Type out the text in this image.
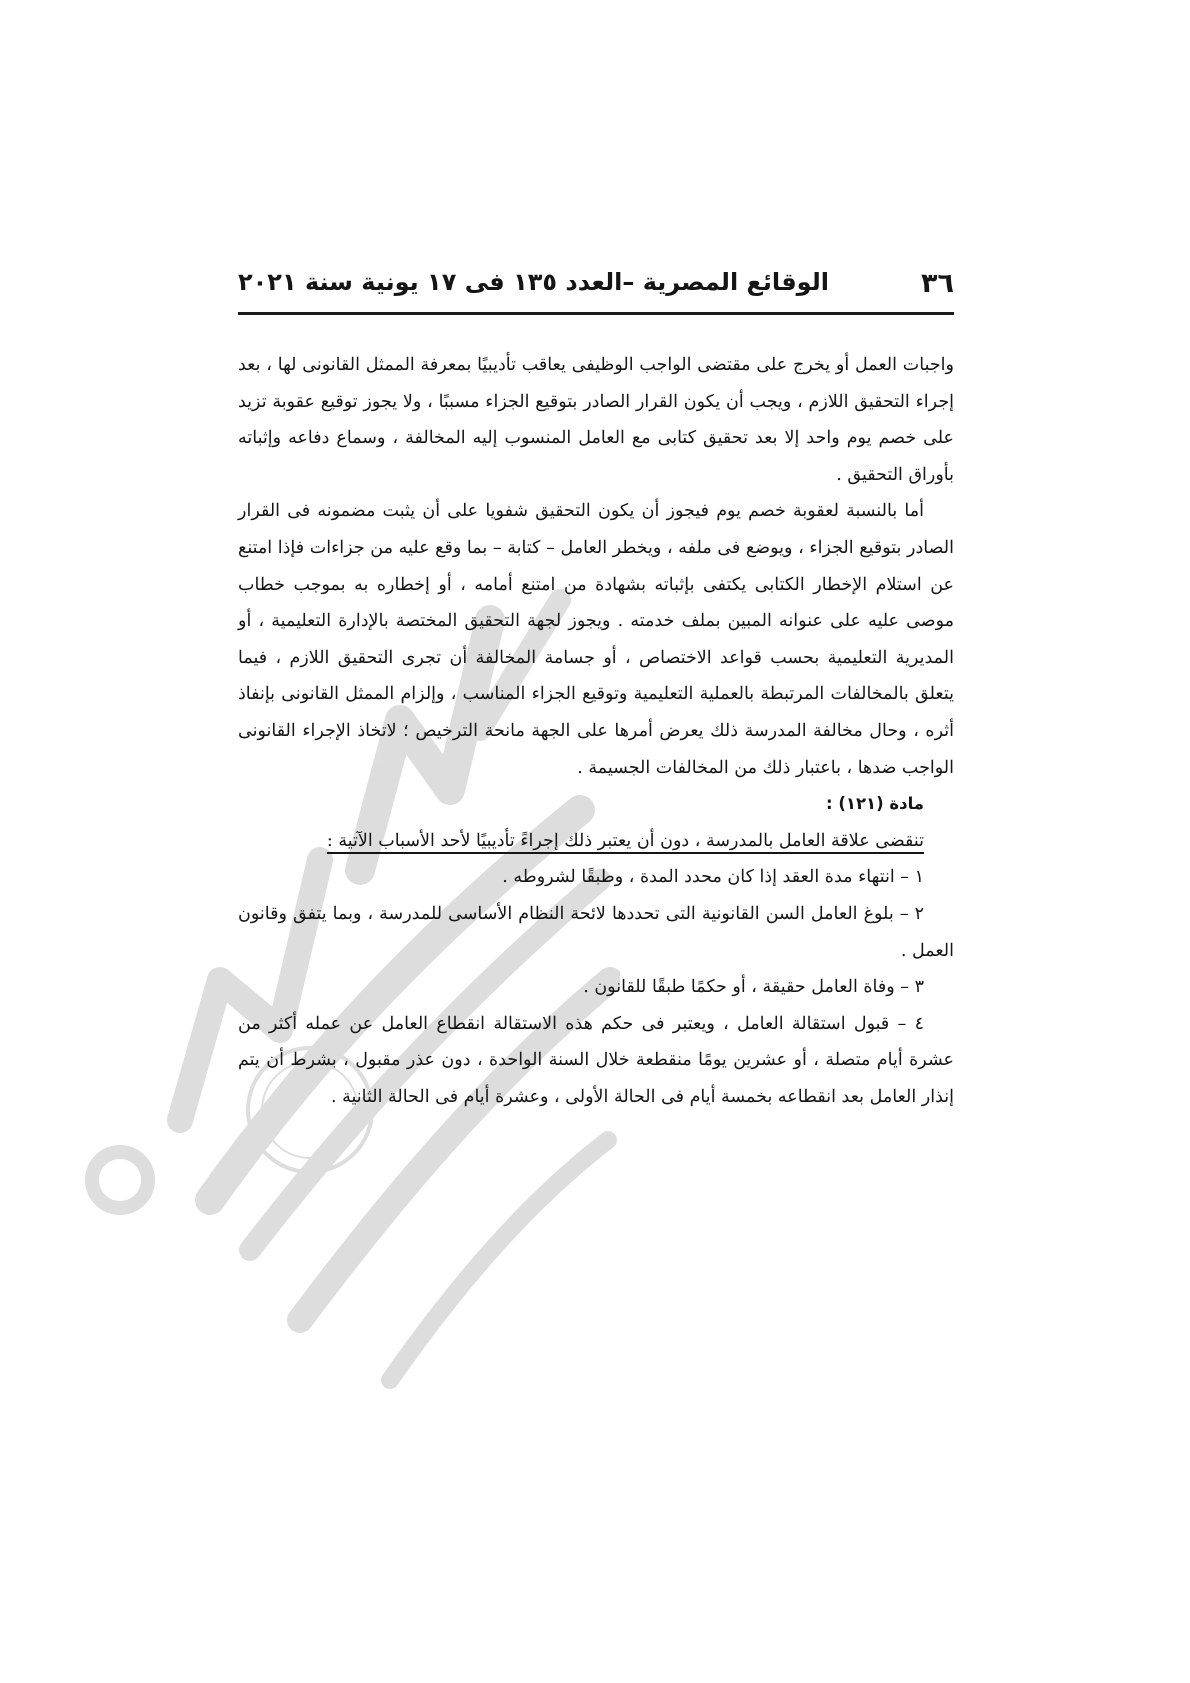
٣٦
الوقائع المصرية –العدد ١٣٥ فى ١٧ يونية سنة ٢٠٢١

واجبات العمل أو يخرج على مقتضى الواجب الوظيفى يعاقب تأديبيًا بمعرفة الممثل القانونى لها ، بعد إجراء التحقيق اللازم ، ويجب أن يكون القرار الصادر بتوقيع الجزاء مسببًا ، ولا يجوز توقيع عقوبة تزيد على خصم يوم واحد إلا بعد تحقيق كتابى مع العامل المنسوب إليه المخالفة ، وسماع دفاعه وإثباته بأوراق التحقيق .

أما بالنسبة لعقوبة خصم يوم فيجوز أن يكون التحقيق شفويا على أن يثبت مضمونه فى القرار الصادر بتوقيع الجزاء ، ويوضع فى ملفه ، ويخطر العامل – كتابة – بما وقع عليه من جزاءات فإذا امتنع عن استلام الإخطار الكتابى يكتفى بإثباته بشهادة من امتنع أمامه ، أو إخطاره به بموجب خطاب موصى عليه على عنوانه المبين بملف خدمته . ويجوز لجهة التحقيق المختصة بالإدارة التعليمية ، أو المديرية التعليمية بحسب قواعد الاختصاص ، أو جسامة المخالفة أن تجرى التحقيق اللازم ، فيما يتعلق بالمخالفات المرتبطة بالعملية التعليمية وتوقيع الجزاء المناسب ، وإلزام الممثل القانونى بإنفاذ أثره ، وحال مخالفة المدرسة ذلك يعرض أمرها على الجهة مانحة الترخيص ؛ لاتخاذ الإجراء القانونى الواجب ضدها ، باعتبار ذلك من المخالفات الجسيمة .

مادة (١٢١) :

تنقضى علاقة العامل بالمدرسة ، دون أن يعتبر ذلك إجراءً تأديبيًا لأحد الأسباب الآتية :

١ – انتهاء مدة العقد إذا كان محدد المدة ، وطبقًا لشروطه .

٢ – بلوغ العامل السن القانونية التى تحددها لائحة النظام الأساسى للمدرسة ، وبما يتفق وقانون العمل .

٣ – وفاة العامل حقيقة ، أو حكمًا طبقًا للقانون .

٤ – قبول استقالة العامل ، ويعتبر فى حكم هذه الاستقالة انقطاع العامل عن عمله أكثر من عشرة أيام متصلة ، أو عشرين يومًا منقطعة خلال السنة الواحدة ، دون عذر مقبول ، بشرط أن يتم إنذار العامل بعد انقطاعه بخمسة أيام فى الحالة الأولى ، وعشرة أيام فى الحالة الثانية .
